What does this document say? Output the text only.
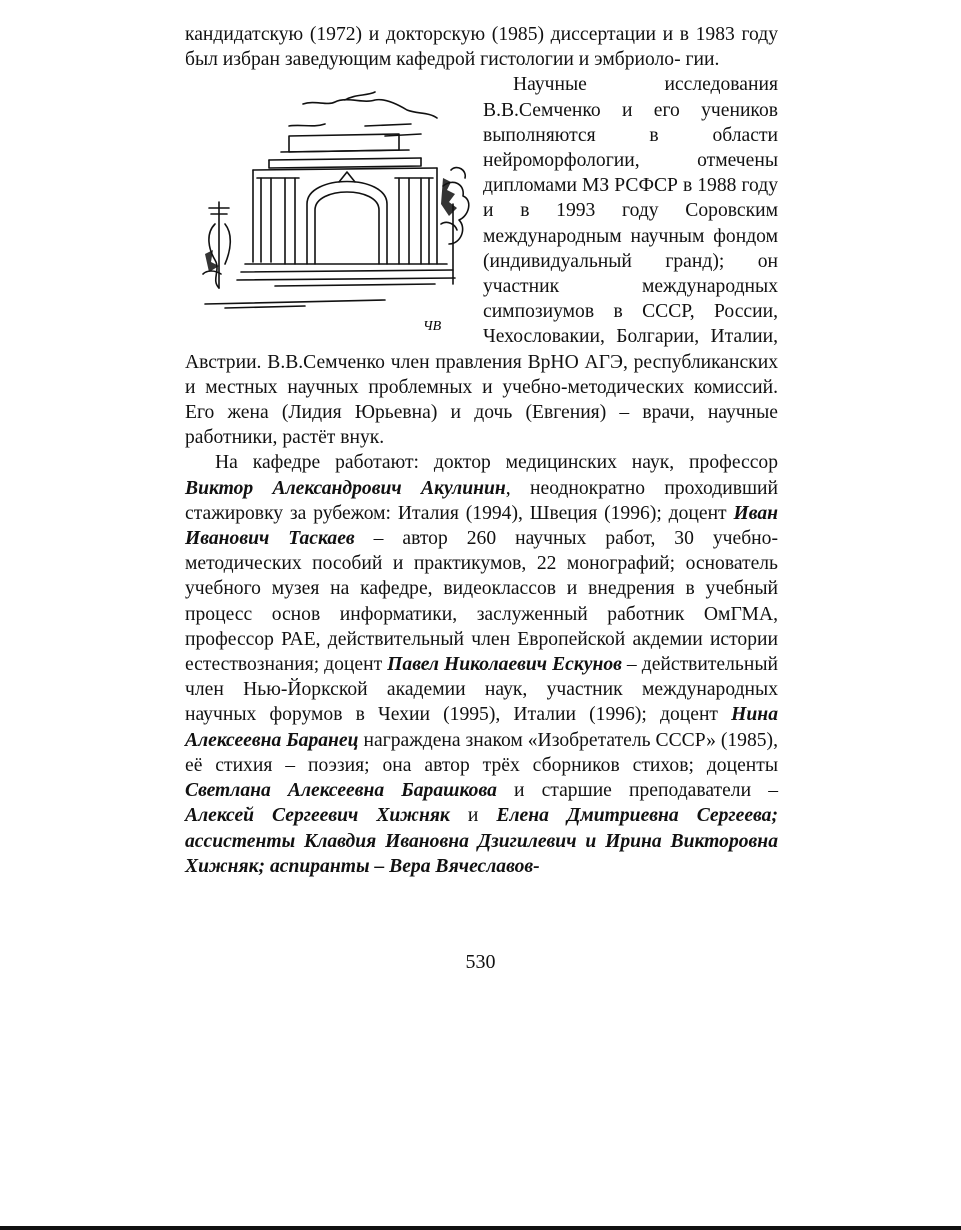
кандидатскую (1972) и докторскую (1985) диссертации и в 1983 году был избран заведующим кафедрой гистологии и эмбриоло- гии.

ЧВ

Научные исследования В.В.Семченко и его учеников выполняются в области нейроморфологии, отмечены дипломами МЗ РСФСР в 1988 году и в 1993 году Соровским международным научным фондом (индивидуальный гранд); он участник международных симпозиумов в СССР, России, Чехословакии, Болгарии, Италии, Австрии. В.В.Семченко член правления ВрНО АГЭ, республиканских и местных научных проблемных и учебно-методических комиссий. Его жена (Лидия Юрьевна) и дочь (Евгения) – врачи, научные работники, растёт внук.

На кафедре работают: доктор медицинских наук, профессор Виктор Александрович Акулинин, неоднократно проходивший стажировку за рубежом: Италия (1994), Швеция (1996); доцент Иван Иванович Таскаев – автор 260 научных работ, 30 учебно-методических пособий и практикумов, 22 монографий; основатель учебного музея на кафедре, видеоклассов и внедрения в учебный процесс основ информатики, заслуженный работник ОмГМА, профессор РАЕ, действительный член Европейской акдемии истории естествознания; доцент Павел Николаевич Ескунов – действительный член Нью-Йоркской академии наук, участник международных научных форумов в Чехии (1995), Италии (1996); доцент Нина Алексеевна Баранец награждена знаком «Изобретатель СССР» (1985), её стихия – поэзия; она автор трёх сборников стихов; доценты Светлана Алексеевна Барашкова и старшие преподаватели – Алексей Сергеевич Хижняк и Елена Дмитриевна Сергеева; ассистенты Клавдия Ивановна Дзигилевич и Ирина Викторовна Хижняк; аспиранты – Вера Вячеславов-

530
